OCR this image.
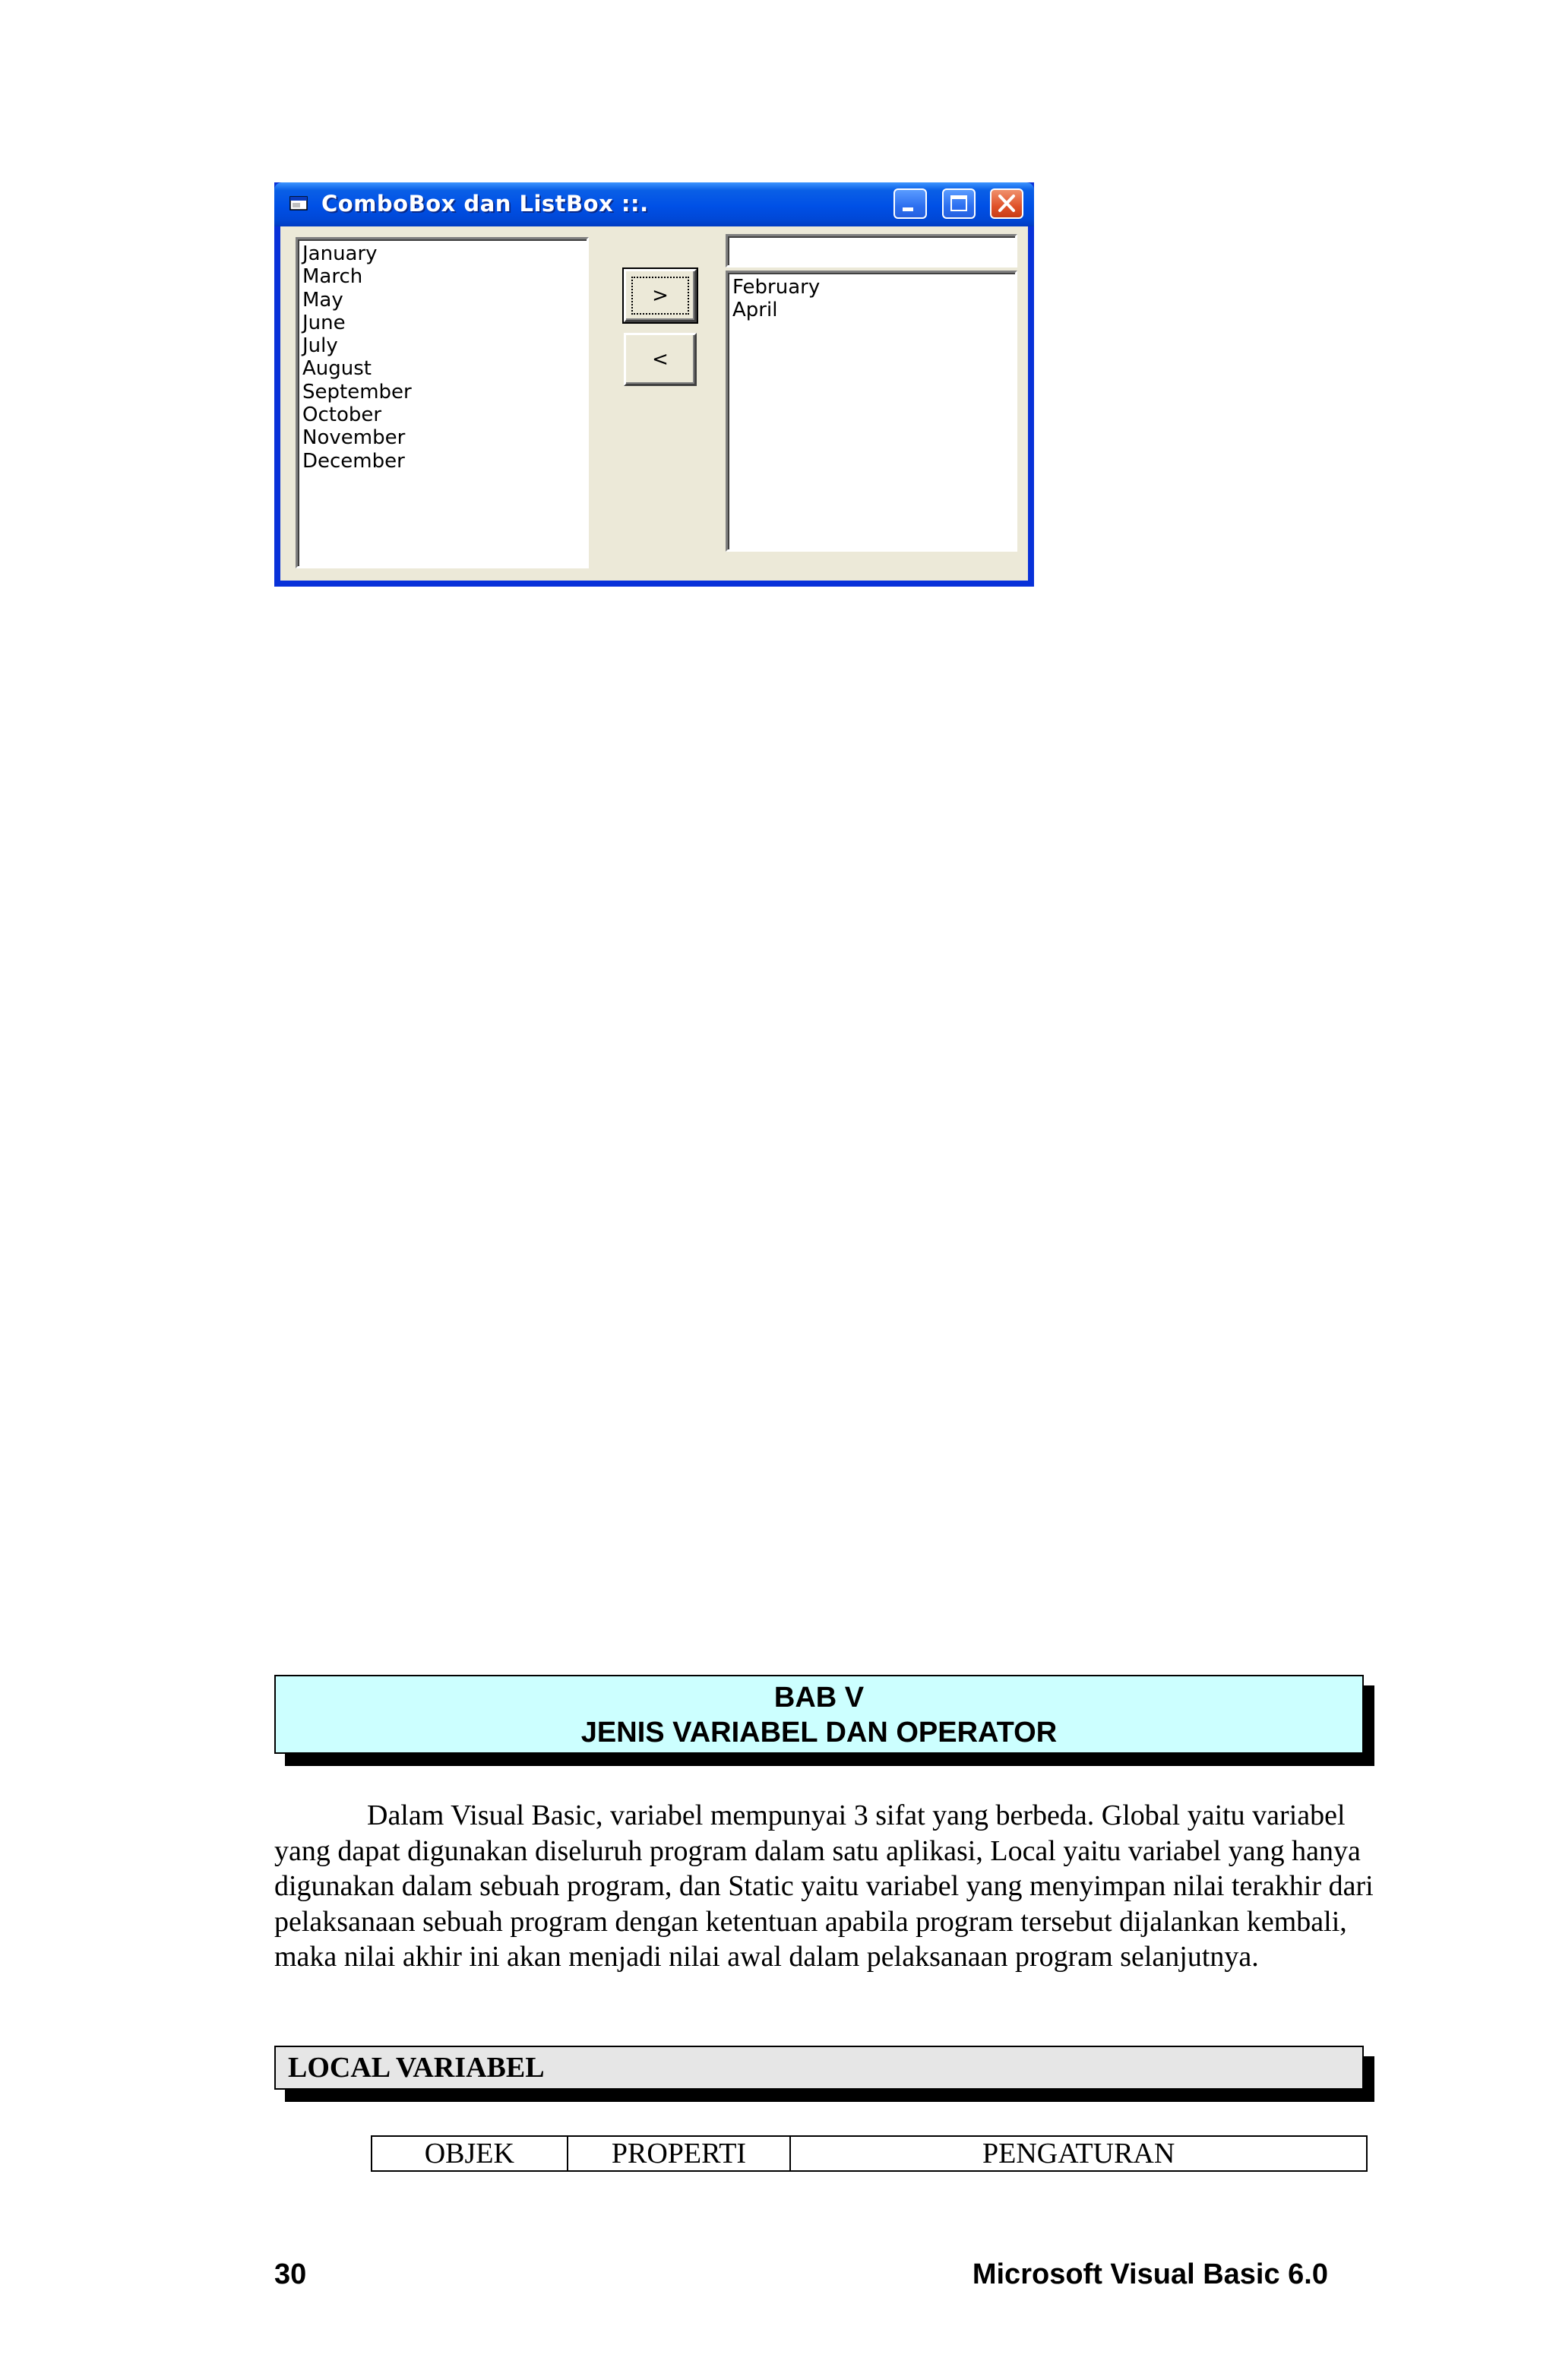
ComboBox dan ListBox ::.
January
March
May
June
July
August
September
October
November
December
>
<
February
April
BAB V
JENIS VARIABEL DAN OPERATOR

Dalam Visual Basic, variabel mempunyai 3 sifat yang berbeda. Global yaitu variabel yang dapat digunakan diseluruh program dalam satu aplikasi, Local yaitu variabel yang hanya digunakan dalam sebuah program, dan Static yaitu variabel yang menyimpan nilai terakhir dari pelaksanaan sebuah program dengan ketentuan apabila program tersebut dijalankan kembali, maka nilai akhir ini akan menjadi nilai awal dalam pelaksanaan program selanjutnya.

LOCAL VARIABEL
OBJEK	PROPERTI	PENGATURAN
30	Microsoft Visual Basic 6.0
